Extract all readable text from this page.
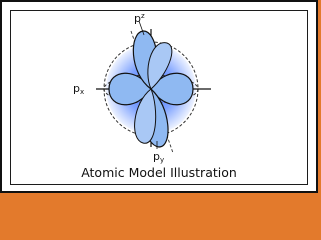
$p^z$
px
py
Atomic Model Illustration
